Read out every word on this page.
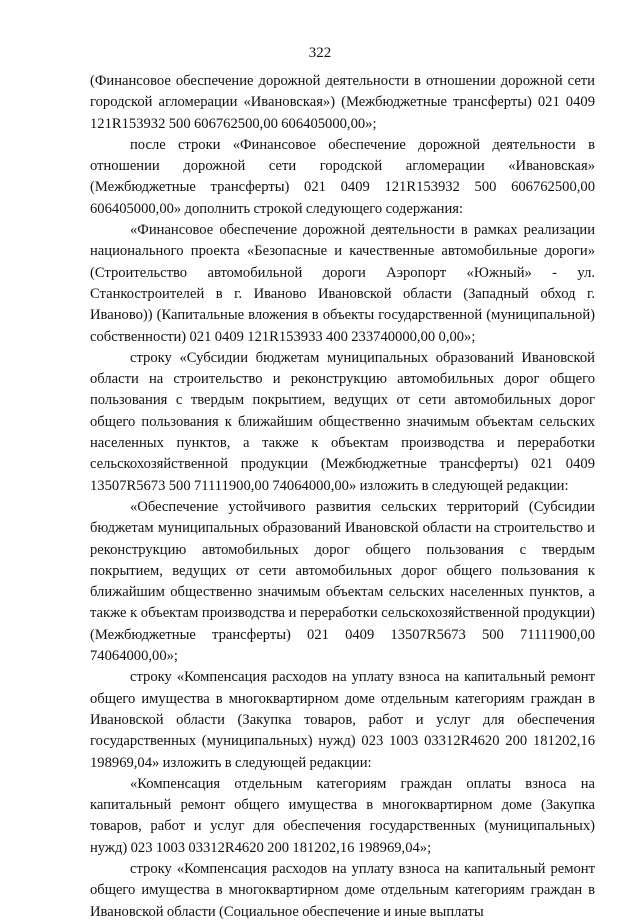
322

(Финансовое обеспечение дорожной деятельности в отношении дорожной сети городской агломерации «Ивановская») (Межбюджетные трансферты) 021 0409 121R153932 500 606762500,00 606405000,00»;

после строки «Финансовое обеспечение дорожной деятельности в отношении дорожной сети городской агломерации «Ивановская» (Межбюджетные трансферты) 021 0409 121R153932 500 606762500,00 606405000,00» дополнить строкой следующего содержания:

«Финансовое обеспечение дорожной деятельности в рамках реализации национального проекта «Безопасные и качественные автомобильные дороги» (Строительство автомобильной дороги Аэропорт «Южный» - ул. Станкостроителей в г. Иваново Ивановской области (Западный обход г. Иваново)) (Капитальные вложения в объекты государственной (муниципальной) собственности) 021 0409 121R153933 400 233740000,00 0,00»;

строку «Субсидии бюджетам муниципальных образований Ивановской области на строительство и реконструкцию автомобильных дорог общего пользования с твердым покрытием, ведущих от сети автомобильных дорог общего пользования к ближайшим общественно значимым объектам сельских населенных пунктов, а также к объектам производства и переработки сельскохозяйственной продукции (Межбюджетные трансферты) 021 0409 13507R5673 500 71111900,00 74064000,00» изложить в следующей редакции:

«Обеспечение устойчивого развития сельских территорий (Субсидии бюджетам муниципальных образований Ивановской области на строительство и реконструкцию автомобильных дорог общего пользования с твердым покрытием, ведущих от сети автомобильных дорог общего пользования к ближайшим общественно значимым объектам сельских населенных пунктов, а также к объектам производства и переработки сельскохозяйственной продукции) (Межбюджетные трансферты) 021 0409 13507R5673 500 71111900,00 74064000,00»;

строку «Компенсация расходов на уплату взноса на капитальный ремонт общего имущества в многоквартирном доме отдельным категориям граждан в Ивановской области (Закупка товаров, работ и услуг для обеспечения государственных (муниципальных) нужд) 023 1003 03312R4620 200 181202,16 198969,04» изложить в следующей редакции:

«Компенсация отдельным категориям граждан оплаты взноса на капитальный ремонт общего имущества в многоквартирном доме (Закупка товаров, работ и услуг для обеспечения государственных (муниципальных) нужд) 023 1003 03312R4620 200 181202,16 198969,04»;

строку «Компенсация расходов на уплату взноса на капитальный ремонт общего имущества в многоквартирном доме отдельным категориям граждан в Ивановской области (Социальное обеспечение и иные выплаты
